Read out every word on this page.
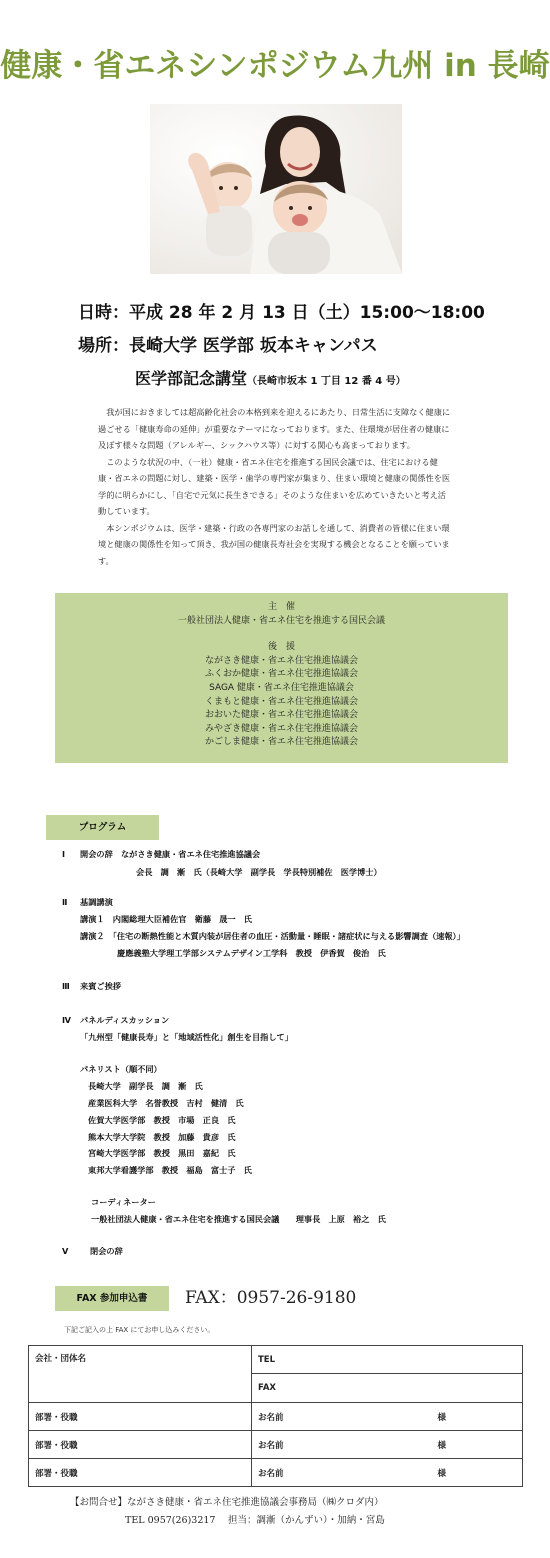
健康・省エネシンポジウム九州 in 長崎
日時：平成 28 年 2 月 13 日（土）15:00〜18:00
場所：長崎大学 医学部 坂本キャンパス
医学部記念講堂（長崎市坂本 1 丁目 12 番 4 号）

我が国におきましては超高齢化社会の本格到来を迎えるにあたり、日常生活に支障なく健康に過ごせる「健康寿命の延伸」が重要なテーマになっております。また、住環境が居住者の健康に及ぼす様々な問題（アレルギー、シックハウス等）に対する関心も高まっております。

このような状況の中、（一社）健康・省エネ住宅を推進する国民会議では、住宅における健康・省エネの問題に対し、建築・医学・歯学の専門家が集まり、住まい環境と健康の関係性を医学的に明らかにし、「自宅で元気に長生きできる」そのような住まいを広めていきたいと考え活動しています。

本シンポジウムは、医学・建築・行政の各専門家のお話しを通して、消費者の皆様に住まい環境と健康の関係性を知って頂き、我が国の健康長寿社会を実現する機会となることを願っています。

主　催
一般社団法人健康・省エネ住宅を推進する国民会議
後　援
ながさき健康・省エネ住宅推進協議会
ふくおか健康・省エネ住宅推進協議会
SAGA 健康・省エネ住宅推進協議会
くまもと健康・省エネ住宅推進協議会
おおいた健康・省エネ住宅推進協議会
みやざき健康・省エネ住宅推進協議会
かごしま健康・省エネ住宅推進協議会
プログラム
Ⅰ 開会の辞　ながさき健康・省エネ住宅推進協議会
会長　調　漸　氏（長崎大学　副学長　学長特別補佐　医学博士）
Ⅱ 基調講演
講演１　内閣総理大臣補佐官　衛藤　晟一　氏
講演２　「住宅の断熱性能と木質内装が居住者の血圧・活動量・睡眠・諸症状に与える影響調査（速報）」
慶應義塾大学理工学部システムデザイン工学科　教授　伊香賀　俊治　氏
Ⅲ 来賓ご挨拶
Ⅳ パネルディスカッション
「九州型「健康長寿」と「地域活性化」創生を目指して」
パネリスト（順不同）
長崎大学　副学長　調　漸　氏
産業医科大学　名誉教授　吉村　健清　氏
佐賀大学医学部　教授　市場　正良　氏
熊本大学大学院　教授　加藤　貴彦　氏
宮崎大学医学部　教授　黒田　嘉紀　氏
東邦大学看護学部　教授　福島　富士子　氏
コーディネーター
一般社団法人健康・省エネ住宅を推進する国民会議　　理事長　上原　裕之　氏
Ⅴ	閉会の辞
FAX 参加申込書	FAX：0957-26-9180
下記ご記入の上 FAX にてお申し込みください。
会社・団体名	TEL
	FAX
部署・役職	お名前 様

部署・役職	お名前 様

部署・役職	お名前 様
【お問合せ】ながさき健康・省エネ住宅推進協議会事務局（㈱クロダ内）
TEL 0957(26)3217　 担当：調漸（かんずい）・加納・宮島
